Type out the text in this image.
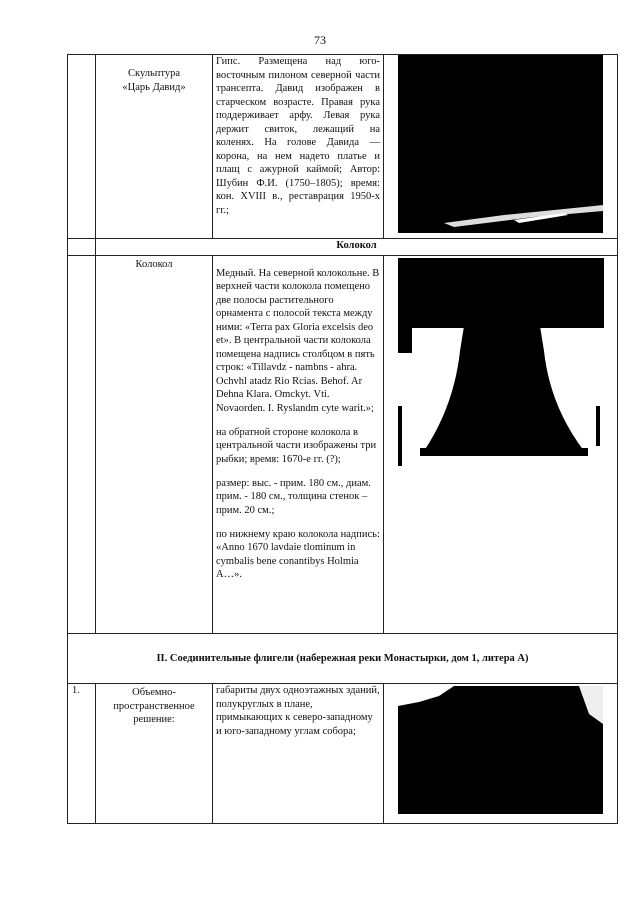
73

	Скульптура
«Царь Давид»	Гипс. Размещена над юго-восточным пилоном северной части трансепта. Давид изображен в старческом возрасте. Правая рука поддерживает арфу. Левая рука держит свиток, лежащий на коленях. На голове Давида — корона, на нем надето платье и плащ с ажурной каймой; Автор: Шубин Ф.И. (1750–1805); время: кон. XVIII в., реставрация 1950-х гг.;	

	Колокол		
	Колокол	Медный. На северной колокольне. В верхней части колокола помещено две полосы растительного орнамента с полосой текста между ними: «Terra pax Gloria excelsis deo et». В центральной части колокола помещена надпись столбцом в пять строк: «Tillavdz - nambns - ahra. Ochvhl atadz Rio Rcias. Behof. Ar Dehna Klara. Omckyt. Vti. Novaorden. I. Ryslandm cyte warit.»;

на обратной стороне колокола в центральной части изображены три рыбки; время: 1670-е гг. (?);

размер: выс. - прим. 180 см., диам. прим. - 180 см., толщина стенок – прим. 20 см.;

по нижнему краю колокола надпись: «Anno 1670 lavdaie tlominum in cymbalis bene conantibys Holmia A…».

II. Соединительные флигели (набережная реки Монастырки, дом 1, литера А)			
1.	Объемно-пространственное решение:	габариты двух одноэтажных зданий, полукруглых в плане, примыкающих к северо-западному и юго-западному углам собора;	
